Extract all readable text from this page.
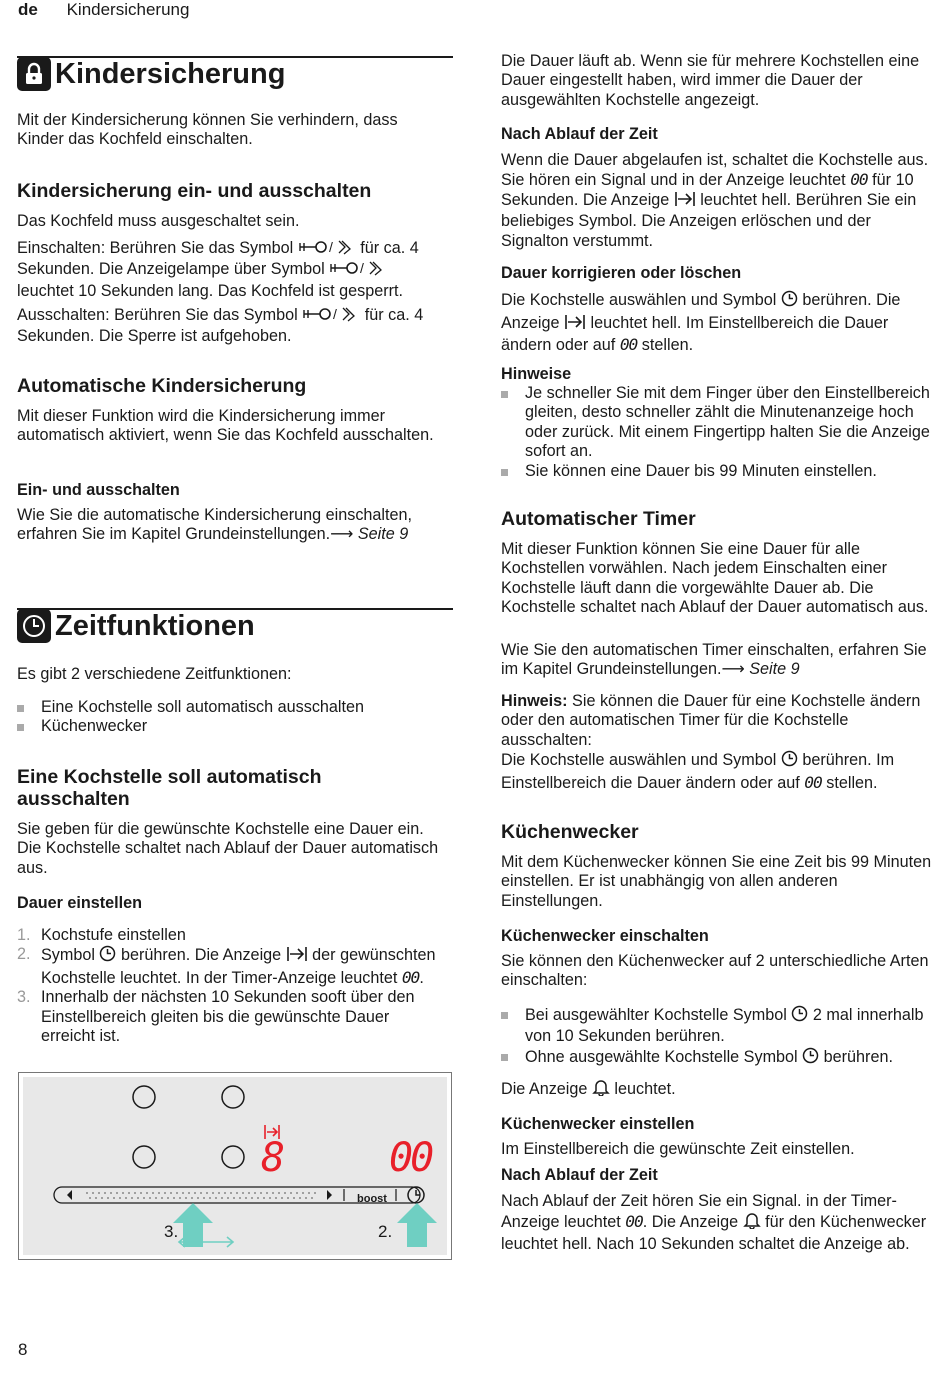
de Kindersicherung
Kindersicherung

Mit der Kindersicherung können Sie verhindern, dass Kinder das Kochfeld einschalten.

Kindersicherung ein- und ausschalten

Das Kochfeld muss ausgeschaltet sein.

Einschalten: Berühren Sie das Symbol / für ca. 4 Sekunden. Die Anzeigelampe über Symbol /
leuchtet 10 Sekunden lang. Das Kochfeld ist gesperrt.

Ausschalten: Berühren Sie das Symbol / für ca. 4 Sekunden. Die Sperre ist aufgehoben.

Automatische Kindersicherung

Mit dieser Funktion wird die Kindersicherung immer automatisch aktiviert, wenn Sie das Kochfeld ausschalten.

Ein- und ausschalten

Wie Sie die automatische Kindersicherung einschalten, erfahren Sie im Kapitel Grundeinstellungen.⟶ Seite 9

Zeitfunktionen

Es gibt 2 verschiedene Zeitfunktionen:

Eine Kochstelle soll automatisch ausschalten
Küchenwecker
Eine Kochstelle soll automatisch ausschalten

Sie geben für die gewünschte Kochstelle eine Dauer ein. Die Kochstelle schaltet nach Ablauf der Dauer automatisch aus.

Dauer einstellen
1. Kochstufe einstellen
2. Symbol  berühren. Die Anzeige  der gewünschten Kochstelle leuchtet. In der Timer-Anzeige leuchtet 00.
3. Innerhalb der nächsten 10 Sekunden sooft über den Einstellbereich gleiten bis die gewünschte Dauer erreicht ist.
8	00
boost
3.	2.

Die Dauer läuft ab. Wenn sie für mehrere Kochstellen eine Dauer eingestellt haben, wird immer die Dauer der ausgewählten Kochstelle angezeigt.

Nach Ablauf der Zeit

Wenn die Dauer abgelaufen ist, schaltet die Kochstelle aus. Sie hören ein Signal und in der Anzeige leuchtet 00 für 10 Sekunden. Die Anzeige  leuchtet hell. Berühren Sie ein beliebiges Symbol. Die Anzeigen erlöschen und der Signalton verstummt.

Dauer korrigieren oder löschen

Die Kochstelle auswählen und Symbol  berühren. Die Anzeige  leuchtet hell. Im Einstellbereich die Dauer ändern oder auf 00 stellen.

Hinweise
Je schneller Sie mit dem Finger über den Einstellbereich gleiten, desto schneller zählt die Minutenanzeige hoch oder zurück. Mit einem Fingertipp halten Sie die Anzeige sofort an.
Sie können eine Dauer bis 99 Minuten einstellen.
Automatischer Timer

Mit dieser Funktion können Sie eine Dauer für alle Kochstellen vorwählen. Nach jedem Einschalten einer Kochstelle läuft dann die vorgewählte Dauer ab. Die Kochstelle schaltet nach Ablauf der Dauer automatisch aus.

Wie Sie den automatischen Timer einschalten, erfahren Sie im Kapitel Grundeinstellungen.⟶ Seite 9

Hinweis: Sie können die Dauer für eine Kochstelle ändern oder den automatischen Timer für die Kochstelle ausschalten:

Die Kochstelle auswählen und Symbol  berühren. Im Einstellbereich die Dauer ändern oder auf 00 stellen.

Küchenwecker

Mit dem Küchenwecker können Sie eine Zeit bis 99 Minuten einstellen. Er ist unabhängig von allen anderen Einstellungen.

Küchenwecker einschalten

Sie können den Küchenwecker auf 2 unterschiedliche Arten einschalten:

Bei ausgewählter Kochstelle Symbol  2 mal innerhalb von 10 Sekunden berühren.
Ohne ausgewählte Kochstelle Symbol  berühren.

Die Anzeige  leuchtet.

Küchenwecker einstellen

Im Einstellbereich die gewünschte Zeit einstellen.

Nach Ablauf der Zeit

Nach Ablauf der Zeit hören Sie ein Signal. in der Timer-Anzeige leuchtet 00. Die Anzeige  für den Küchenwecker leuchtet hell. Nach 10 Sekunden schaltet die Anzeige ab.

8
